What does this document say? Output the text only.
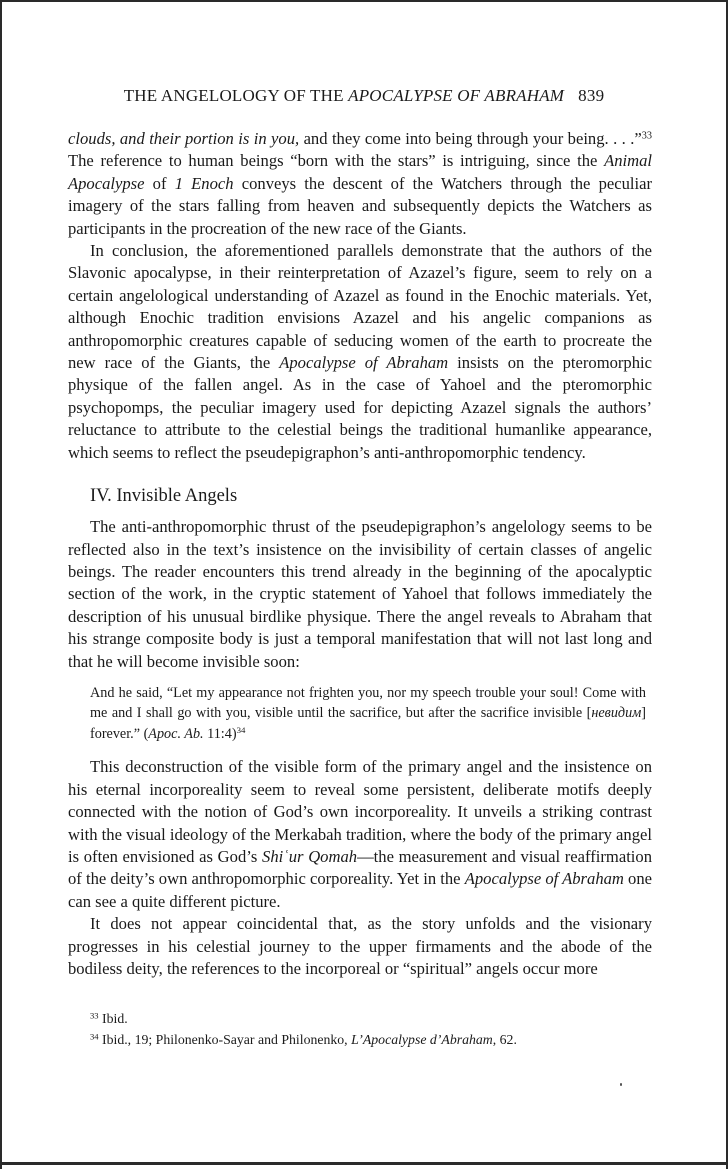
THE ANGELOLOGY OF THE APOCALYPSE OF ABRAHAM 839

clouds, and their portion is in you, and they come into being through your being. . . .”$^{33}$ The reference to human beings “born with the stars” is intriguing, since the Animal Apocalypse of 1 Enoch conveys the descent of the Watchers through the peculiar imagery of the stars falling from heaven and subsequently depicts the Watchers as participants in the procreation of the new race of the Giants.

In conclusion, the aforementioned parallels demonstrate that the authors of the Slavonic apocalypse, in their reinterpretation of Azazel’s figure, seem to rely on a certain angelological understanding of Azazel as found in the Enochic materials. Yet, although Enochic tradition envisions Azazel and his angelic companions as anthropomorphic creatures capable of seducing women of the earth to procreate the new race of the Giants, the Apocalypse of Abraham insists on the pteromorphic physique of the fallen angel. As in the case of Yahoel and the pteromorphic psychopomps, the peculiar imagery used for depicting Azazel signals the authors’ reluctance to attribute to the celestial beings the traditional humanlike appearance, which seems to reflect the pseudepigraphon’s anti-anthropomorphic tendency.

IV. Invisible Angels

The anti-anthropomorphic thrust of the pseudepigraphon’s angelology seems to be reflected also in the text’s insistence on the invisibility of certain classes of angelic beings. The reader encounters this trend already in the beginning of the apocalyptic section of the work, in the cryptic statement of Yahoel that follows immediately the description of his unusual birdlike physique. There the angel reveals to Abraham that his strange composite body is just a temporal manifestation that will not last long and that he will become invisible soon:

And he said, “Let my appearance not frighten you, nor my speech trouble your soul! Come with me and I shall go with you, visible until the sacrifice, but after the sacrifice invisible [невидим] forever.” (Apoc. Ab. 11:4)$^{34}$

This deconstruction of the visible form of the primary angel and the insistence on his eternal incorporeality seem to reveal some persistent, deliberate motifs deeply connected with the notion of God’s own incorporeality. It unveils a striking contrast with the visual ideology of the Merkabah tradition, where the body of the primary angel is often envisioned as God’s Shiʿur Qomah—the measurement and visual reaffirmation of the deity’s own anthropomorphic corporeality. Yet in the Apocalypse of Abraham one can see a quite different picture.

It does not appear coincidental that, as the story unfolds and the visionary progresses in his celestial journey to the upper firmaments and the abode of the bodiless deity, the references to the incorporeal or “spiritual” angels occur more

$^{33}$ Ibid.

$^{34}$ Ibid., 19; Philonenko-Sayar and Philonenko, L’Apocalypse d’Abraham, 62.
